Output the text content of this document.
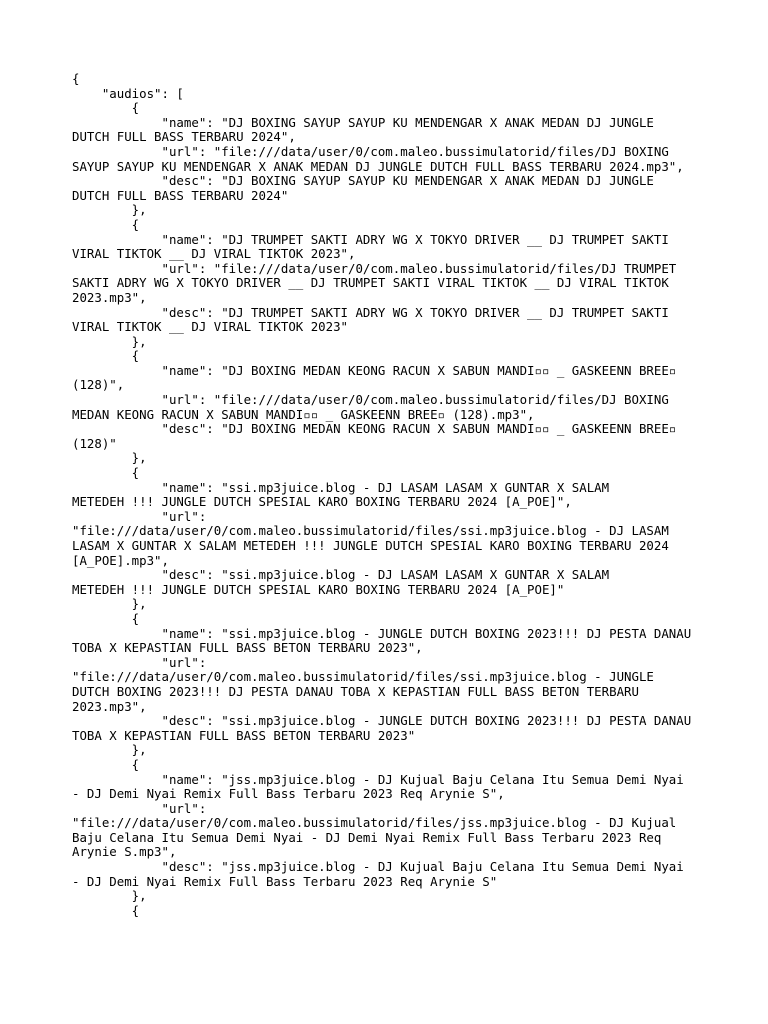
{
"audios": [
{
"name": "DJ BOXING SAYUP SAYUP KU MENDENGAR X ANAK MEDAN DJ JUNGLE
DUTCH FULL BASS TERBARU 2024",
"url": "file:///data/user/0/com.maleo.bussimulatorid/files/DJ BOXING
SAYUP SAYUP KU MENDENGAR X ANAK MEDAN DJ JUNGLE DUTCH FULL BASS TERBARU 2024.mp3",
"desc": "DJ BOXING SAYUP SAYUP KU MENDENGAR X ANAK MEDAN DJ JUNGLE
DUTCH FULL BASS TERBARU 2024"
},
{
"name": "DJ TRUMPET SAKTI ADRY WG X TOKYO DRIVER __ DJ TRUMPET SAKTI
VIRAL TIKTOK __ DJ VIRAL TIKTOK 2023",
"url": "file:///data/user/0/com.maleo.bussimulatorid/files/DJ TRUMPET
SAKTI ADRY WG X TOKYO DRIVER __ DJ TRUMPET SAKTI VIRAL TIKTOK __ DJ VIRAL TIKTOK
2023.mp3",
"desc": "DJ TRUMPET SAKTI ADRY WG X TOKYO DRIVER __ DJ TRUMPET SAKTI
VIRAL TIKTOK __ DJ VIRAL TIKTOK 2023"
},
{
"name": "DJ BOXING MEDAN KEONG RACUN X SABUN MANDI▫▫ _ GASKEENN BREE▫
(128)",
"url": "file:///data/user/0/com.maleo.bussimulatorid/files/DJ BOXING
MEDAN KEONG RACUN X SABUN MANDI▫▫ _ GASKEENN BREE▫ (128).mp3",
"desc": "DJ BOXING MEDAN KEONG RACUN X SABUN MANDI▫▫ _ GASKEENN BREE▫
(128)"
},
{
"name": "ssi.mp3juice.blog - DJ LASAM LASAM X GUNTAR X SALAM
METEDEH !!! JUNGLE DUTCH SPESIAL KARO BOXING TERBARU 2024 [A_POE]",
"url":
"file:///data/user/0/com.maleo.bussimulatorid/files/ssi.mp3juice.blog - DJ LASAM
LASAM X GUNTAR X SALAM METEDEH !!! JUNGLE DUTCH SPESIAL KARO BOXING TERBARU 2024
[A_POE].mp3",
"desc": "ssi.mp3juice.blog - DJ LASAM LASAM X GUNTAR X SALAM
METEDEH !!! JUNGLE DUTCH SPESIAL KARO BOXING TERBARU 2024 [A_POE]"
},
{
"name": "ssi.mp3juice.blog - JUNGLE DUTCH BOXING 2023!!! DJ PESTA DANAU
TOBA X KEPASTIAN FULL BASS BETON TERBARU 2023",
"url":
"file:///data/user/0/com.maleo.bussimulatorid/files/ssi.mp3juice.blog - JUNGLE
DUTCH BOXING 2023!!! DJ PESTA DANAU TOBA X KEPASTIAN FULL BASS BETON TERBARU
2023.mp3",
"desc": "ssi.mp3juice.blog - JUNGLE DUTCH BOXING 2023!!! DJ PESTA DANAU
TOBA X KEPASTIAN FULL BASS BETON TERBARU 2023"
},
{
"name": "jss.mp3juice.blog - DJ Kujual Baju Celana Itu Semua Demi Nyai
- DJ Demi Nyai Remix Full Bass Terbaru 2023 Req Arynie S",
"url":
"file:///data/user/0/com.maleo.bussimulatorid/files/jss.mp3juice.blog - DJ Kujual
Baju Celana Itu Semua Demi Nyai - DJ Demi Nyai Remix Full Bass Terbaru 2023 Req
Arynie S.mp3",
"desc": "jss.mp3juice.blog - DJ Kujual Baju Celana Itu Semua Demi Nyai
- DJ Demi Nyai Remix Full Bass Terbaru 2023 Req Arynie S"
},
{
